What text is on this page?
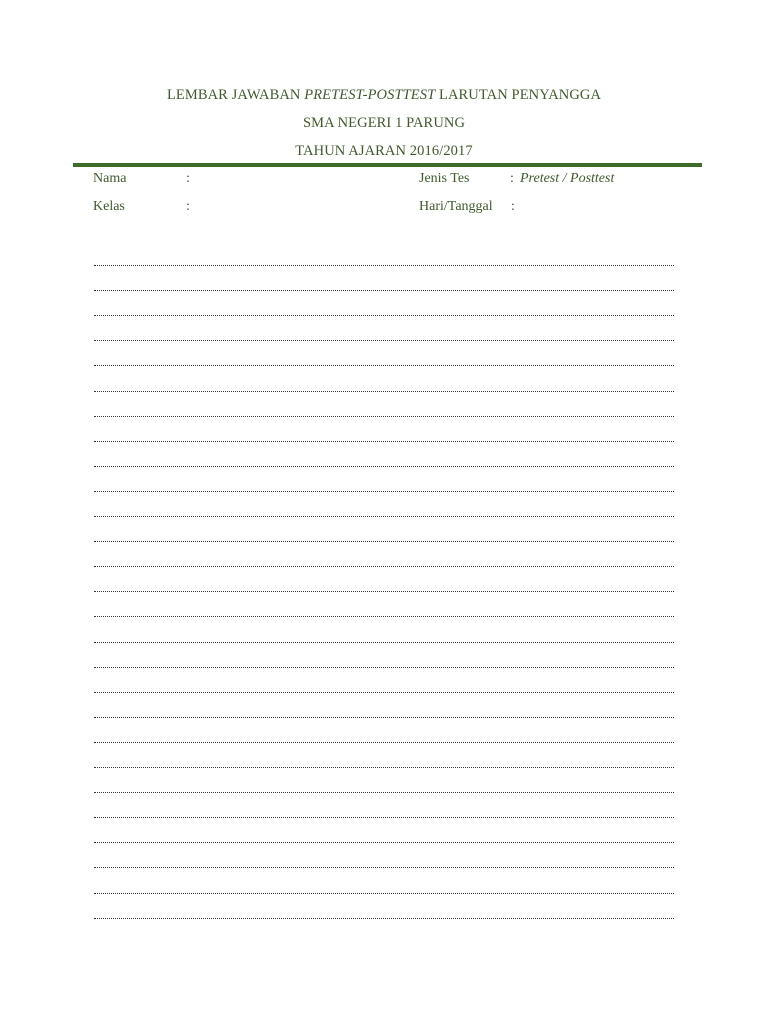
LEMBAR JAWABAN PRETEST-POSTTEST LARUTAN PENYANGGA
SMA NEGERI 1 PARUNG
TAHUN AJARAN 2016/2017
Nama	:	Jenis Tes	: Pretest / Posttest
Kelas	:	Hari/Tanggal :
